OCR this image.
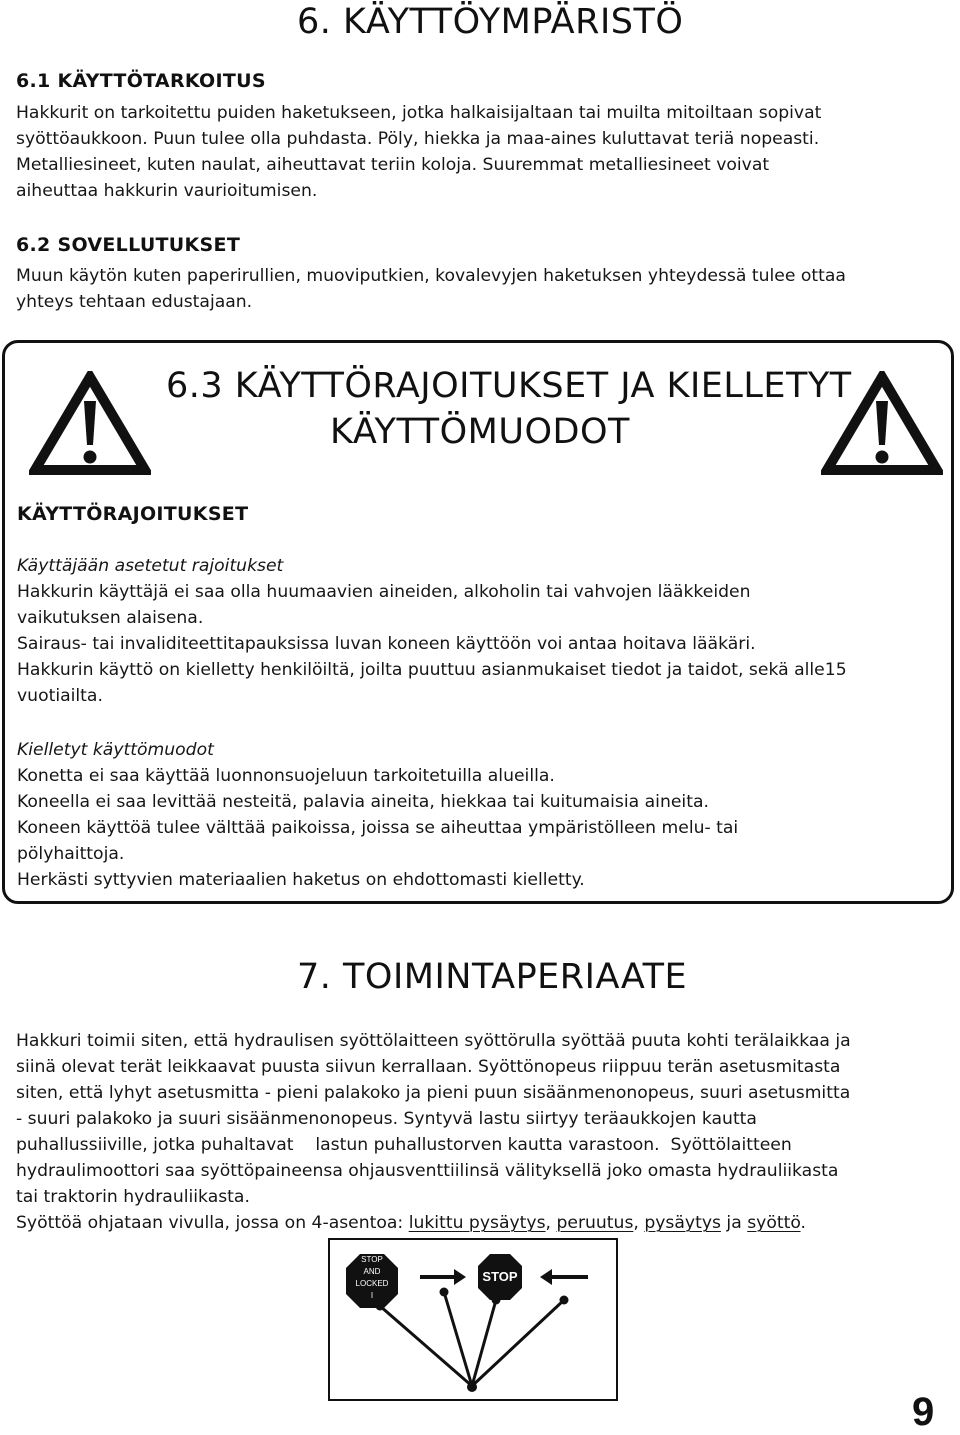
6. KÄYTTÖYMPÄRISTÖ
6.1 KÄYTTÖTARKOITUS
Hakkurit on tarkoitettu puiden haketukseen, jotka halkaisijaltaan tai muilta mitoiltaan sopivat
syöttöaukkoon. Puun tulee olla puhdasta. Pöly, hiekka ja maa-aines kuluttavat teriä nopeasti.
Metalliesineet, kuten naulat, aiheuttavat teriin koloja. Suuremmat metalliesineet voivat
aiheuttaa hakkurin vaurioitumisen.
6.2 SOVELLUTUKSET
Muun käytön kuten paperirullien, muoviputkien, kovalevyjen haketuksen yhteydessä tulee ottaa
yhteys tehtaan edustajaan.
6.3 KÄYTTÖRAJOITUKSET JA KIELLETYT
KÄYTTÖMUODOT
KÄYTTÖRAJOITUKSET
Käyttäjään asetetut rajoitukset
Hakkurin käyttäjä ei saa olla huumaavien aineiden, alkoholin tai vahvojen lääkkeiden
vaikutuksen alaisena.
Sairaus- tai invaliditeettitapauksissa luvan koneen käyttöön voi antaa hoitava lääkäri.
Hakkurin käyttö on kielletty henkilöiltä, joilta puuttuu asianmukaiset tiedot ja taidot, sekä alle15
vuotiailta.
Kielletyt käyttömuodot
Konetta ei saa käyttää luonnonsuojeluun tarkoitetuilla alueilla.
Koneella ei saa levittää nesteitä, palavia aineita, hiekkaa tai kuitumaisia aineita.
Koneen käyttöä tulee välttää paikoissa, joissa se aiheuttaa ympäristölleen melu- tai
pölyhaittoja.
Herkästi syttyvien materiaalien haketus on ehdottomasti kielletty.
7. TOIMINTAPERIAATE
Hakkuri toimii siten, että hydraulisen syöttölaitteen syöttörulla syöttää puuta kohti terälaikkaa ja
siinä olevat terät leikkaavat puusta siivun kerrallaan. Syöttönopeus riippuu terän asetusmitasta
siten, että lyhyt asetusmitta - pieni palakoko ja pieni puun sisäänmenonopeus, suuri asetusmitta
- suuri palakoko ja suuri sisäänmenonopeus. Syntyvä lastu siirtyy teräaukkojen kautta
puhallussiiville, jotka puhaltavat    lastun puhallustorven kautta varastoon.  Syöttölaitteen
hydraulimoottori saa syöttöpaineensa ohjausventtiilinsä välityksellä joko omasta hydrauliikasta
tai traktorin hydrauliikasta.
Syöttöä ohjataan vivulla, jossa on 4-asentoa: lukittu pysäytys, peruutus, pysäytys ja syöttö.
STOP
AND
LOCKED
I
STOP
9
